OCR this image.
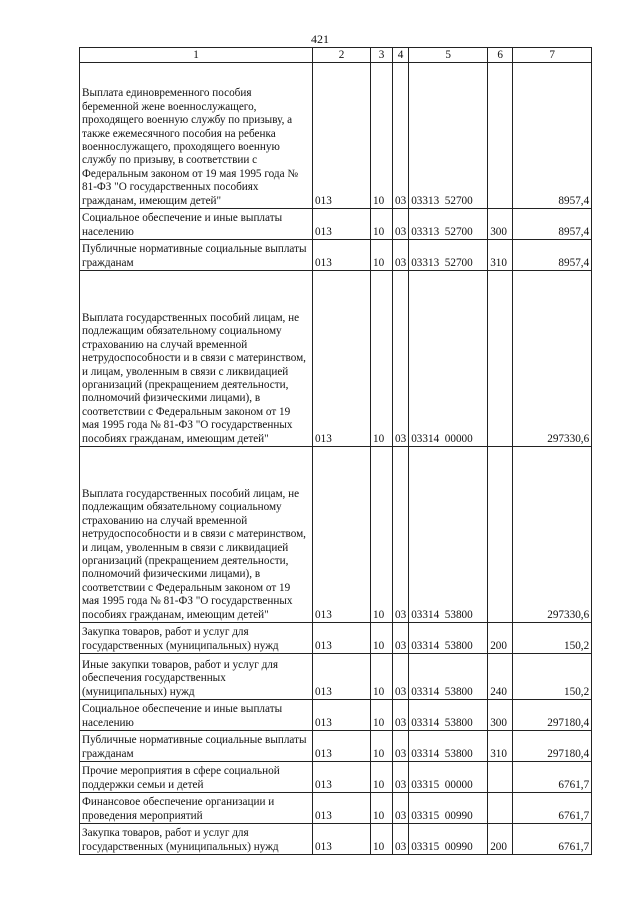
421
1	2	3	4	5	6	7
Выплата единовременного пособия беременной жене военнослужащего, проходящего военную службу по призыву, а также ежемесячного пособия на ребенка военнослужащего, проходящего военную службу по призыву, в соответствии с Федеральным законом от 19 мая 1995 года № 81-ФЗ "О государственных пособиях гражданам, имеющим детей"	013	10	03	03313  52700		8957,4
Социальное обеспечение и иные выплаты населению	013	10	03	03313  52700	300	8957,4
Публичные нормативные социальные выплаты гражданам	013	10	03	03313  52700	310	8957,4
Выплата государственных пособий лицам, не подлежащим обязательному социальному страхованию на случай временной нетрудоспособности и в связи с материнством, и лицам, уволенным в связи с ликвидацией организаций (прекращением деятельности, полномочий физическими лицами), в соответствии с Федеральным законом от 19 мая 1995 года № 81-ФЗ "О государственных пособиях гражданам, имеющим детей"	013	10	03	03314  00000		297330,6
Выплата государственных пособий лицам, не подлежащим обязательному социальному страхованию на случай временной нетрудоспособности и в связи с материнством, и лицам, уволенным в связи с ликвидацией организаций (прекращением деятельности, полномочий физическими лицами), в соответствии с Федеральным законом от 19 мая 1995 года № 81-ФЗ "О государственных пособиях гражданам, имеющим детей"	013	10	03	03314  53800		297330,6
Закупка товаров, работ и услуг для государственных (муниципальных) нужд	013	10	03	03314  53800	200	150,2
Иные закупки товаров, работ и услуг для обеспечения государственных (муниципальных) нужд	013	10	03	03314  53800	240	150,2
Социальное обеспечение и иные выплаты населению	013	10	03	03314  53800	300	297180,4
Публичные нормативные социальные выплаты гражданам	013	10	03	03314  53800	310	297180,4
Прочие мероприятия в сфере социальной поддержки семьи и детей	013	10	03	03315  00000		6761,7
Финансовое обеспечение организации и проведения мероприятий	013	10	03	03315  00990		6761,7
Закупка товаров, работ и услуг для государственных (муниципальных) нужд	013	10	03	03315  00990	200	6761,7
